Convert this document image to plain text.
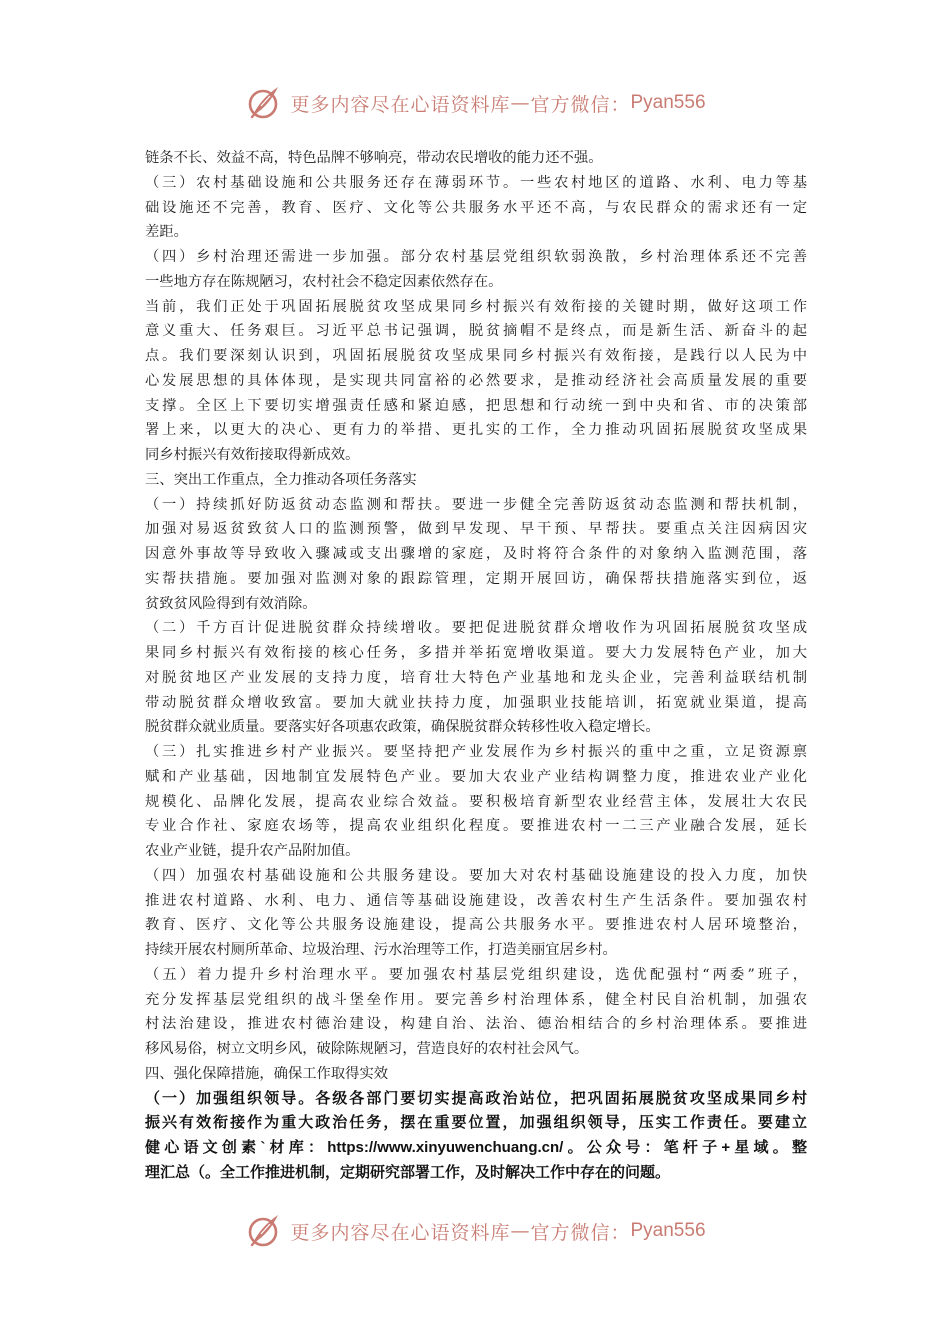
更多内容尽在心语资料库 — 官方微信： Pyan556
链条不长、效益不高，特色品牌不够响亮，带动农民增收的能力还不强。
（三）农村基础设施和公共服务还存在薄弱环节。一些农村地区的道路、水利、电力等基
础设施还不完善，教育、医疗、文化等公共服务水平还不高，与农民群众的需求还有一定
差距。
（四）乡村治理还需进一步加强。部分农村基层党组织软弱涣散，乡村治理体系还不完善
一些地方存在陈规陋习，农村社会不稳定因素依然存在。
当前，我们正处于巩固拓展脱贫攻坚成果同乡村振兴有效衔接的关键时期，做好这项工作
意义重大、任务艰巨。习近平总书记强调，脱贫摘帽不是终点，而是新生活、新奋斗的起
点。我们要深刻认识到，巩固拓展脱贫攻坚成果同乡村振兴有效衔接，是践行以人民为中
心发展思想的具体体现，是实现共同富裕的必然要求，是推动经济社会高质量发展的重要
支撑。全区上下要切实增强责任感和紧迫感，把思想和行动统一到中央和省、市的决策部
署上来，以更大的决心、更有力的举措、更扎实的工作，全力推动巩固拓展脱贫攻坚成果
同乡村振兴有效衔接取得新成效。
三、突出工作重点，全力推动各项任务落实
（一）持续抓好防返贫动态监测和帮扶。要进一步健全完善防返贫动态监测和帮扶机制，
加强对易返贫致贫人口的监测预警，做到早发现、早干预、早帮扶。要重点关注因病因灾
因意外事故等导致收入骤减或支出骤增的家庭，及时将符合条件的对象纳入监测范围，落
实帮扶措施。要加强对监测对象的跟踪管理，定期开展回访，确保帮扶措施落实到位，返
贫致贫风险得到有效消除。
（二）千方百计促进脱贫群众持续增收。要把促进脱贫群众增收作为巩固拓展脱贫攻坚成
果同乡村振兴有效衔接的核心任务，多措并举拓宽增收渠道。要大力发展特色产业，加大
对脱贫地区产业发展的支持力度，培育壮大特色产业基地和龙头企业，完善利益联结机制
带动脱贫群众增收致富。要加大就业扶持力度，加强职业技能培训，拓宽就业渠道，提高
脱贫群众就业质量。要落实好各项惠农政策，确保脱贫群众转移性收入稳定增长。
（三）扎实推进乡村产业振兴。要坚持把产业发展作为乡村振兴的重中之重，立足资源禀
赋和产业基础，因地制宜发展特色产业。要加大农业产业结构调整力度，推进农业产业化
规模化、品牌化发展，提高农业综合效益。要积极培育新型农业经营主体，发展壮大农民
专业合作社、家庭农场等，提高农业组织化程度。要推进农村一二三产业融合发展，延长
农业产业链，提升农产品附加值。
（四）加强农村基础设施和公共服务建设。要加大对农村基础设施建设的投入力度，加快
推进农村道路、水利、电力、通信等基础设施建设，改善农村生产生活条件。要加强农村
教育、医疗、文化等公共服务设施建设，提高公共服务水平。要推进农村人居环境整治，
持续开展农村厕所革命、垃圾治理、污水治理等工作，打造美丽宜居乡村。
（五）着力提升乡村治理水平。要加强农村基层党组织建设，选优配强村“两委”班子，
充分发挥基层党组织的战斗堡垒作用。要完善乡村治理体系，健全村民自治机制，加强农
村法治建设，推进农村德治建设，构建自治、法治、德治相结合的乡村治理体系。要推进
移风易俗，树立文明乡风，破除陈规陋习，营造良好的农村社会风气。
四、强化保障措施，确保工作取得实效
（一）加强组织领导。各级各部门要切实提高政治站位，把巩固拓展脱贫攻坚成果同乡村
振兴有效衔接作为重大政治任务，摆在重要位置，加强组织领导，压实工作责任。要建立
健心语文创素`材库：https://www.xinyuwenchuang.cn/。公众号：笔杆子+星域。整
理汇总（。全工作推进机制，定期研究部署工作，及时解决工作中存在的问题。
更多内容尽在心语资料库 — 官方微信： Pyan556
